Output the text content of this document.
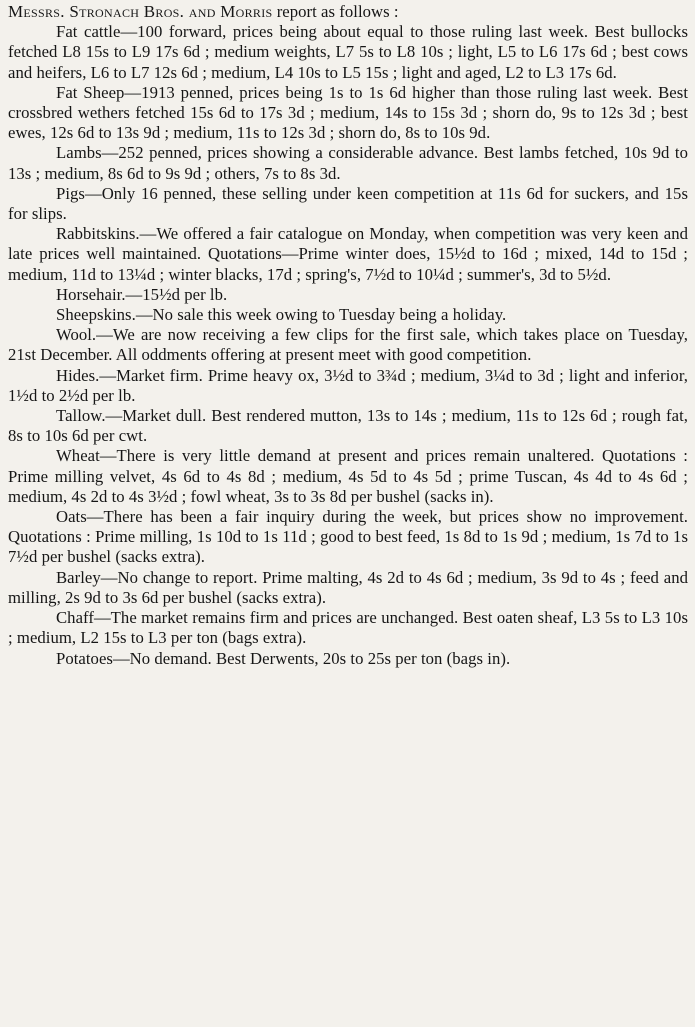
Messrs. Stronach Bros. and Morris report as follows :

Fat cattle—100 forward, prices being about equal to those ruling last week. Best bullocks fetched L8 15s to L9 17s 6d ; medium weights, L7 5s to L8 10s ; light, L5 to L6 17s 6d ; best cows and heifers, L6 to L7 12s 6d ; medium, L4 10s to L5 15s ; light and aged, L2 to L3 17s 6d.

Fat Sheep—1913 penned, prices being 1s to 1s 6d higher than those ruling last week. Best crossbred wethers fetched 15s 6d to 17s 3d ; medium, 14s to 15s 3d ; shorn do, 9s to 12s 3d ; best ewes, 12s 6d to 13s 9d ; medium, 11s to 12s 3d ; shorn do, 8s to 10s 9d.

Lambs—252 penned, prices showing a considerable advance. Best lambs fetched, 10s 9d to 13s ; medium, 8s 6d to 9s 9d ; others, 7s to 8s 3d.

Pigs—Only 16 penned, these selling under keen competition at 11s 6d for suckers, and 15s for slips.

Rabbitskins.—We offered a fair catalogue on Monday, when competition was very keen and late prices well maintained. Quotations—Prime winter does, 15½d to 16d ; mixed, 14d to 15d ; medium, 11d to 13¼d ; winter blacks, 17d ; spring's, 7½d to 10¼d ; summer's, 3d to 5½d.

Horsehair.—15½d per lb.

Sheepskins.—No sale this week owing to Tuesday being a holiday.

Wool.—We are now receiving a few clips for the first sale, which takes place on Tuesday, 21st December. All oddments offering at present meet with good competition.

Hides.—Market firm. Prime heavy ox, 3½d to 3¾d ; medium, 3¼d to 3d ; light and inferior, 1½d to 2½d per lb.

Tallow.—Market dull. Best rendered mutton, 13s to 14s ; medium, 11s to 12s 6d ; rough fat, 8s to 10s 6d per cwt.

Wheat—There is very little demand at present and prices remain unaltered. Quotations : Prime milling velvet, 4s 6d to 4s 8d ; medium, 4s 5d to 4s 5d ; prime Tuscan, 4s 4d to 4s 6d ; medium, 4s 2d to 4s 3½d ; fowl wheat, 3s to 3s 8d per bushel (sacks in).

Oats—There has been a fair inquiry during the week, but prices show no improvement. Quotations : Prime milling, 1s 10d to 1s 11d ; good to best feed, 1s 8d to 1s 9d ; medium, 1s 7d to 1s 7½d per bushel (sacks extra).

Barley—No change to report. Prime malting, 4s 2d to 4s 6d ; medium, 3s 9d to 4s ; feed and milling, 2s 9d to 3s 6d per bushel (sacks extra).

Chaff—The market remains firm and prices are unchanged. Best oaten sheaf, L3 5s to L3 10s ; medium, L2 15s to L3 per ton (bags extra).

Potatoes—No demand. Best Derwents, 20s to 25s per ton (bags in).
